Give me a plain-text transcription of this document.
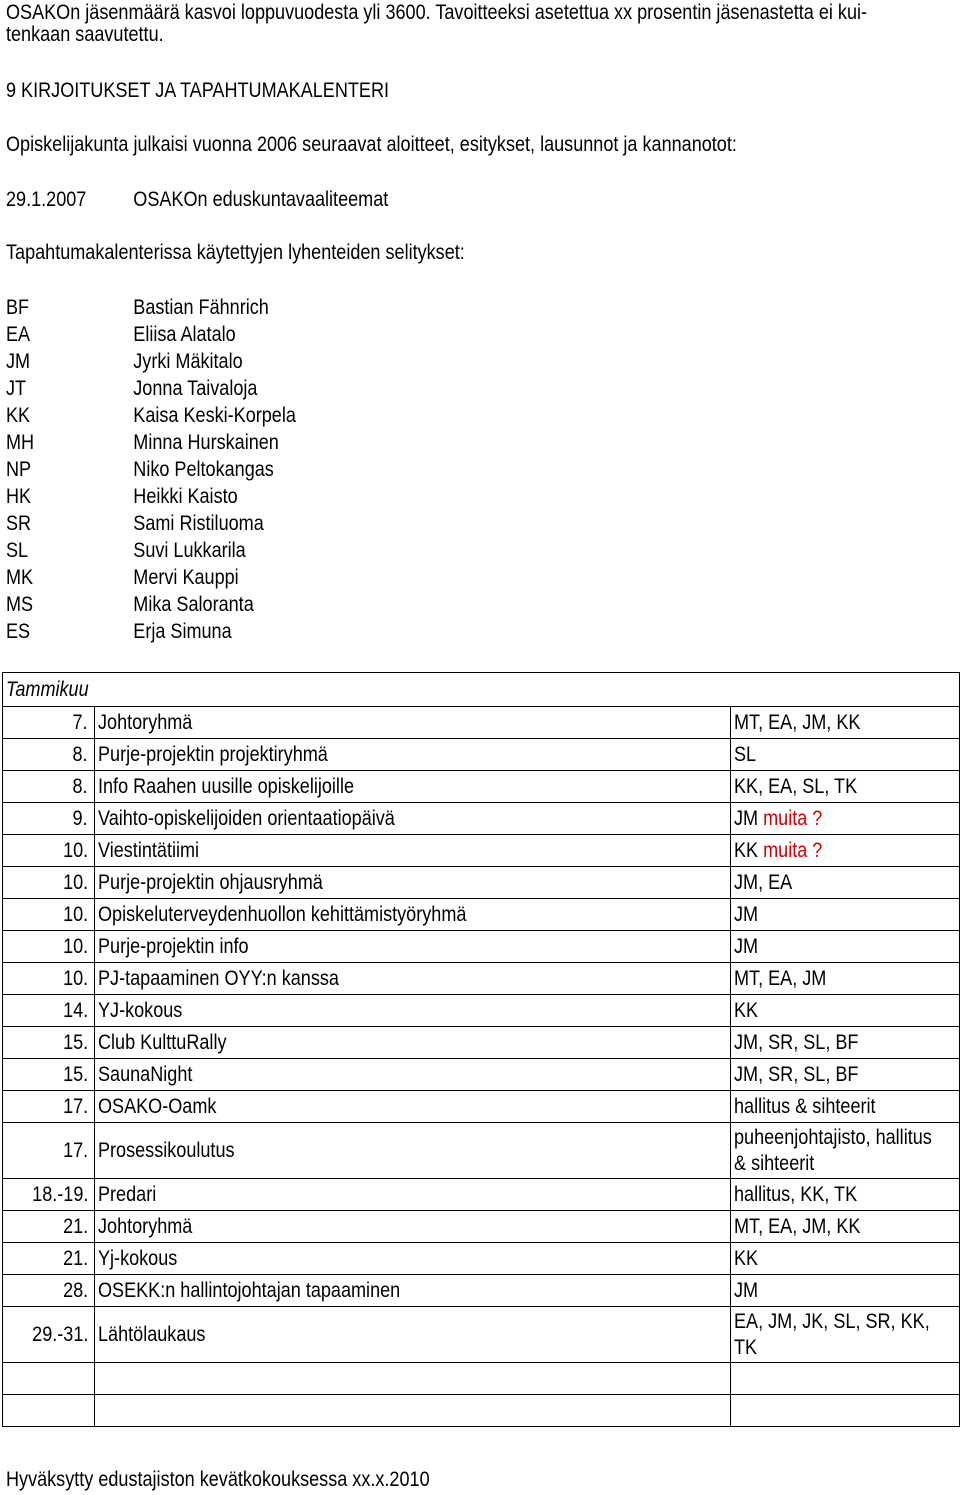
OSAKOn jäsenmäärä kasvoi loppuvuodesta yli 3600. Tavoitteeksi asetettua xx prosentin jäsenastetta ei kui-
tenkaan saavutettu.
9 KIRJOITUKSET JA TAPAHTUMAKALENTERI
Opiskelijakunta julkaisi vuonna 2006 seuraavat aloitteet, esitykset, lausunnot ja kannanotot:
29.1.2007 OSAKOn eduskuntavaaliteemat
Tapahtumakalenterissa käytettyjen lyhenteiden selitykset:
BF	Bastian Fähnrich
EA	Eliisa Alatalo
JM	Jyrki Mäkitalo
JT	Jonna Taivaloja
KK	Kaisa Keski-Korpela
MH	Minna Hurskainen
NP	Niko Peltokangas
HK	Heikki Kaisto
SR	Sami Ristiluoma
SL	Suvi Lukkarila
MK	Mervi Kauppi
MS	Mika Saloranta
ES	Erja Simuna
Tammikuu		
7.	Johtoryhmä	MT, EA, JM, KK
8.	Purje-projektin projektiryhmä	SL
8.	Info Raahen uusille opiskelijoille	KK, EA, SL, TK
9.	Vaihto-opiskelijoiden orientaatiopäivä	JM muita ?
10.	Viestintätiimi	KK muita ?
10.	Purje-projektin ohjausryhmä	JM, EA
10.	Opiskeluterveydenhuollon kehittämistyöryhmä	JM
10.	Purje-projektin info	JM
10.	PJ-tapaaminen OYY:n kanssa	MT, EA, JM
14.	YJ-kokous	KK
15.	Club KulttuRally	JM, SR, SL, BF
15.	SaunaNight	JM, SR, SL, BF
17.	OSAKO-Oamk	hallitus & sihteerit
17.	Prosessikoulutus	puheenjohtajisto, hallitus
& sihteerit
18.-19.	Predari	hallitus, KK, TK
21.	Johtoryhmä	MT, EA, JM, KK
21.	Yj-kokous	KK
28.	OSEKK:n hallintojohtajan tapaaminen	JM
29.-31.	Lähtölaukaus	EA, JM, JK, SL, SR, KK,
TK

Hyväksytty edustajiston kevätkokouksessa xx.x.2010
